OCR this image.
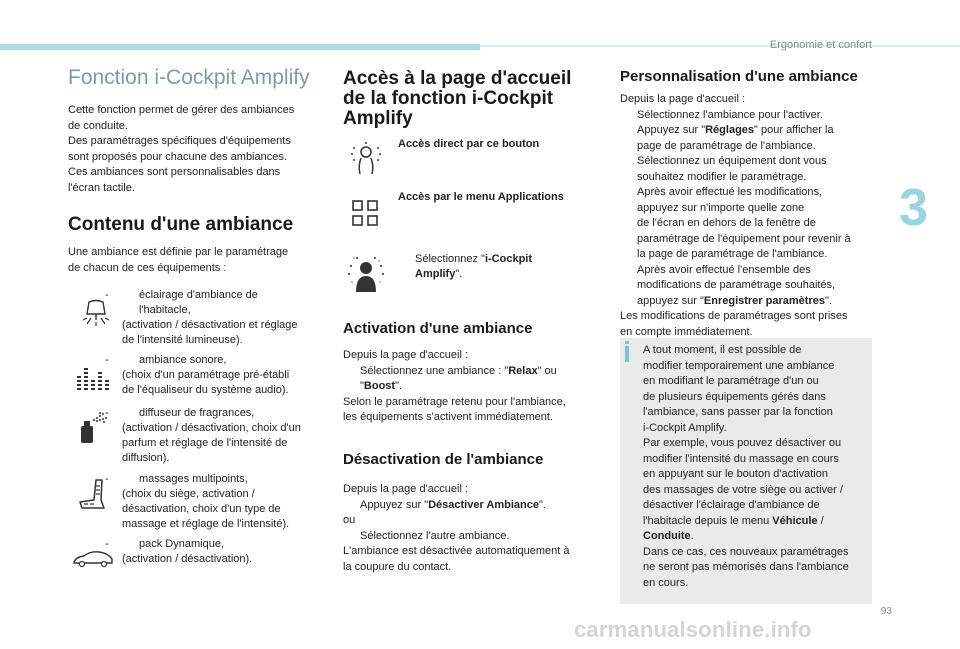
Ergonomie et confort
3
93
Fonction i-Cockpit Amplify

Cette fonction permet de gérer des ambiances

de conduite.

Des paramétrages spécifiques d'équipements

sont proposés pour chacune des ambiances.

Ces ambiances sont personnalisables dans

l'écran tactile.

Contenu d'une ambiance

Une ambiance est définie par le paramétrage

de chacun de ces équipements :

-	éclairage d'ambiance de
l'habitacle,
(activation / désactivation et réglage
de l'intensité lumineuse).
-	ambiance sonore,
(choix d'un paramétrage pré-établi
de l'équaliseur du système audio).
-	diffuseur de fragrances,
(activation / désactivation, choix d'un
parfum et réglage de l'intensité de
diffusion).
-	massages multipoints,
(choix du siège, activation /
désactivation, choix d'un type de
massage et réglage de l'intensité).
-	pack Dynamique,
(activation / désactivation).
Accès à la page d'accueil
de la fonction i-Cockpit
Amplify
Accès direct par ce bouton
Accès par le menu Applications
Sélectionnez "i-Cockpit
Amplify".
Activation d'une ambiance

Depuis la page d'accueil :

Sélectionnez une ambiance : "Relax" ou

"Boost".

Selon le paramétrage retenu pour l'ambiance,

les équipements s'activent immédiatement.

Désactivation de l'ambiance

Depuis la page d'accueil :

Appuyez sur "Désactiver Ambiance".

ou

Sélectionnez l'autre ambiance.

L'ambiance est désactivée automatiquement à

la coupure du contact.

Personnalisation d'une ambiance

Depuis la page d'accueil :

Sélectionnez l'ambiance pour l'activer.

Appuyez sur "Réglages" pour afficher la

page de paramétrage de l'ambiance.

Sélectionnez un équipement dont vous

souhaitez modifier le paramétrage.

Après avoir effectué les modifications,

appuyez sur n'importe quelle zone

de l'écran en dehors de la fenêtre de

paramétrage de l'équipement pour revenir à

la page de paramétrage de l'ambiance.

Après avoir effectué l'ensemble des

modifications de paramétrage souhaités,

appuyez sur "Enregistrer paramètres".

Les modifications de paramétrages sont prises

en compte immédiatement.

A tout moment, il est possible de

modifier temporairement une ambiance

en modifiant le paramétrage d'un ou

de plusieurs équipements gérés dans

l'ambiance, sans passer par la fonction

i-Cockpit Amplify.

Par exemple, vous pouvez désactiver ou

modifier l'intensité du massage en cours

en appuyant sur le bouton d'activation

des massages de votre siège ou activer /

désactiver l'éclairage d'ambiance de

l'habitacle depuis le menu Véhicule /

Conduite.

Dans ce cas, ces nouveaux paramétrages

ne seront pas mémorisés dans l'ambiance

en cours.

carmanualsonline.info
